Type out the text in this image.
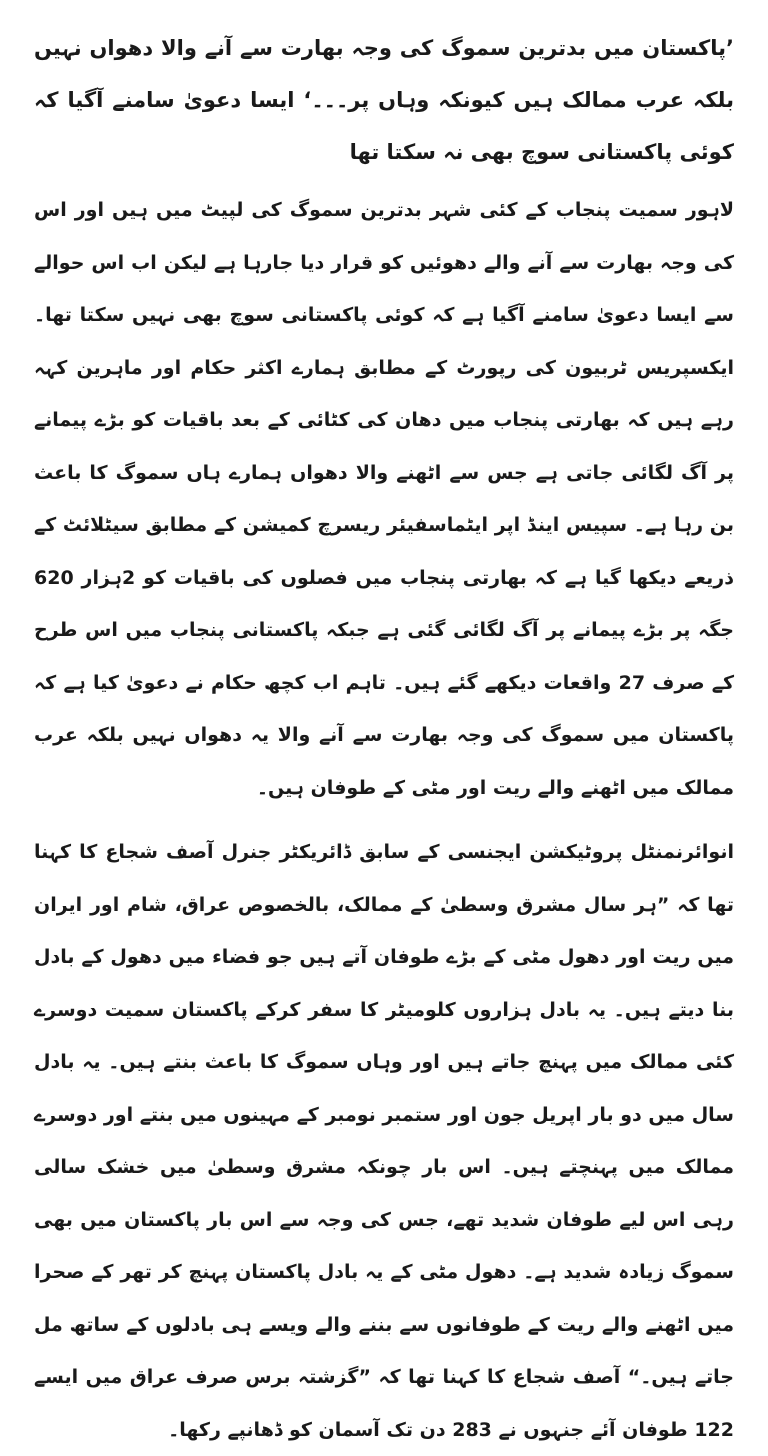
’پاکستان میں بدترین سموگ کی وجہ بھارت سے آنے والا دھواں نہیں بلکہ عرب ممالک ہیں کیونکہ وہاں پر۔۔۔‘ ایسا دعویٰ سامنے آگیا کہ کوئی پاکستانی سوچ بھی نہ سکتا تھا

لاہور سمیت پنجاب کے کئی شہر بدترین سموگ کی لپیٹ میں ہیں اور اس کی وجہ بھارت سے آنے والے دھوئیں کو قرار دیا جارہا ہے لیکن اب اس حوالے سے ایسا دعویٰ سامنے آگیا ہے کہ کوئی پاکستانی سوچ بھی نہیں سکتا تھا۔ ایکسپریس ٹربیون کی رپورٹ کے مطابق ہمارے اکثر حکام اور ماہرین کہہ رہے ہیں کہ بھارتی پنجاب میں دھان کی کٹائی کے بعد باقیات کو بڑے پیمانے پر آگ لگائی جاتی ہے جس سے اٹھنے والا دھواں ہمارے ہاں سموگ کا باعث بن رہا ہے۔ سپیس اینڈ اپر ایٹماسفیئر ریسرچ کمیشن کے مطابق سیٹلائٹ کے ذریعے دیکھا گیا ہے کہ بھارتی پنجاب میں فصلوں کی باقیات کو 2ہزار 620 جگہ پر بڑے پیمانے پر آگ لگائی گئی ہے جبکہ پاکستانی پنجاب میں اس طرح کے صرف 27 واقعات دیکھے گئے ہیں۔ تاہم اب کچھ حکام نے دعویٰ کیا ہے کہ پاکستان میں سموگ کی وجہ بھارت سے آنے والا یہ دھواں نہیں بلکہ عرب ممالک میں اٹھنے والے ریت اور مٹی کے طوفان ہیں۔

انوائرنمنٹل پروٹیکشن ایجنسی کے سابق ڈائریکٹر جنرل آصف شجاع کا کہنا تھا کہ ”ہر سال مشرق وسطیٰ کے ممالک، بالخصوص عراق، شام اور ایران میں ریت اور دھول مٹی کے بڑے طوفان آتے ہیں جو فضاء میں دھول کے بادل بنا دیتے ہیں۔ یہ بادل ہزاروں کلومیٹر کا سفر کرکے پاکستان سمیت دوسرے کئی ممالک میں پہنچ جاتے ہیں اور وہاں سموگ کا باعث بنتے ہیں۔ یہ بادل سال میں دو بار اپریل جون اور ستمبر نومبر کے مہینوں میں بنتے اور دوسرے ممالک میں پہنچتے ہیں۔ اس بار چونکہ مشرق وسطیٰ میں خشک سالی رہی اس لیے طوفان شدید تھے، جس کی وجہ سے اس بار پاکستان میں بھی سموگ زیادہ شدید ہے۔ دھول مٹی کے یہ بادل پاکستان پہنچ کر تھر کے صحرا میں اٹھنے والے ریت کے طوفانوں سے بننے والے ویسے ہی بادلوں کے ساتھ مل جاتے ہیں۔“ آصف شجاع کا کہنا تھا کہ ”گزشتہ برس صرف عراق میں ایسے 122 طوفان آئے جنہوں نے 283 دن تک آسمان کو ڈھانپے رکھا۔
